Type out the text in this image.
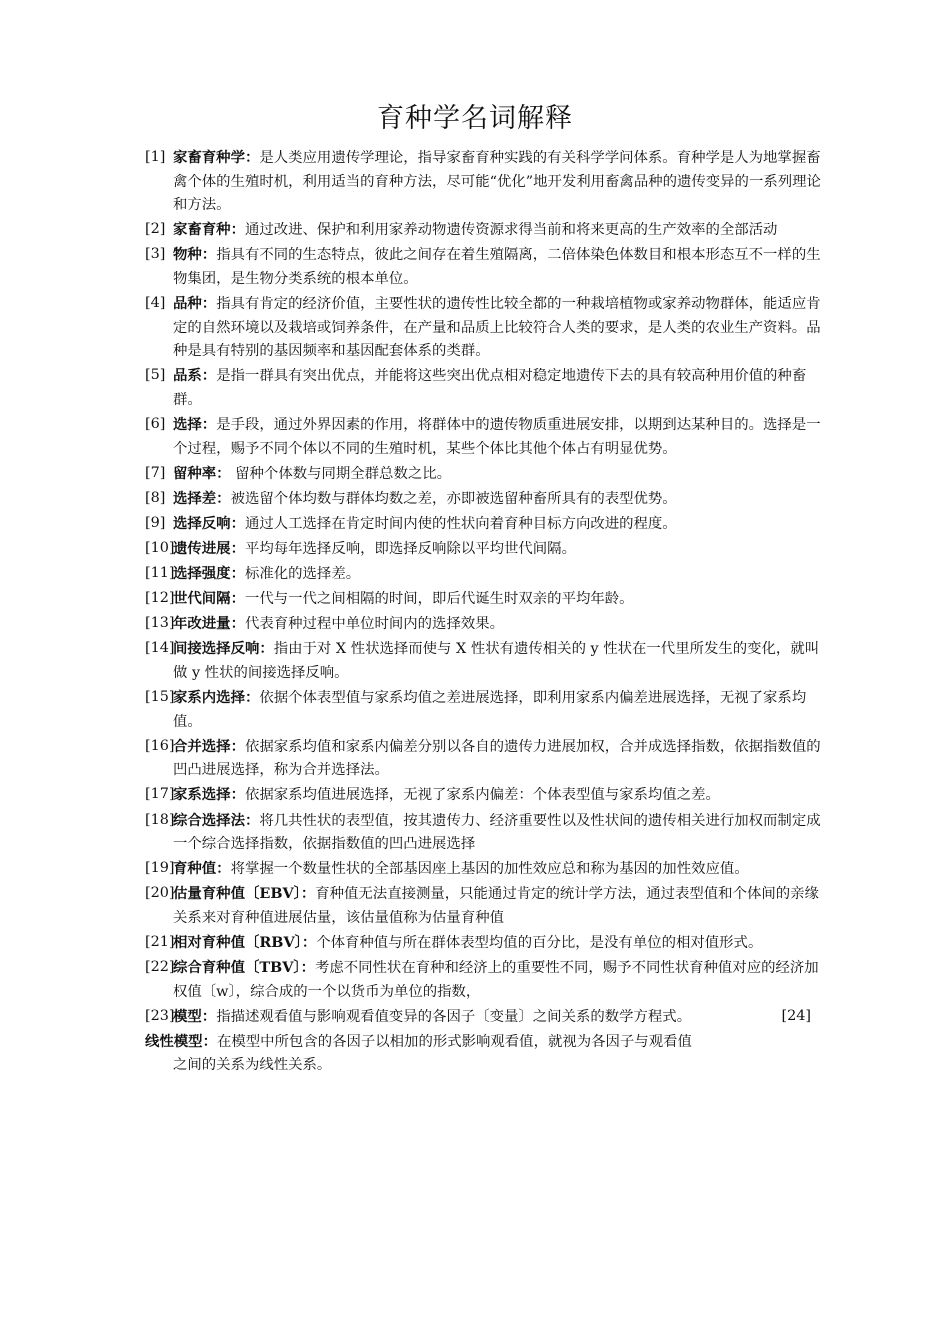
育种学名词解释
[1] 家畜育种学：是人类应用遗传学理论，指导家畜育种实践的有关科学学问体系。育种学是人为地掌握畜禽个体的生殖时机，利用适当的育种方法，尽可能“优化”地开发利用畜禽品种的遗传变异的一系列理论和方法。
[2] 家畜育种：通过改进、保护和利用家养动物遗传资源求得当前和将来更高的生产效率的全部活动
[3] 物种：指具有不同的生态特点，彼此之间存在着生殖隔离，二倍体染色体数目和根本形态互不一样的生物集团，是生物分类系统的根本单位。
[4] 品种：指具有肯定的经济价值，主要性状的遗传性比较全都的一种栽培植物或家养动物群体，能适应肯定的自然环境以及栽培或饲养条件，在产量和品质上比较符合人类的要求，是人类的农业生产资料。品种是具有特别的基因频率和基因配套体系的类群。
[5] 品系：是指一群具有突出优点，并能将这些突出优点相对稳定地遗传下去的具有较高种用价值的种畜群。
[6] 选择：是手段，通过外界因素的作用，将群体中的遗传物质重进展安排，以期到达某种目的。选择是一个过程，赐予不同个体以不同的生殖时机，某些个体比其他个体占有明显优势。
[7] 留种率： 留种个体数与同期全群总数之比。
[8] 选择差：被选留个体均数与群体均数之差，亦即被选留种畜所具有的表型优势。
[9] 选择反响：通过人工选择在肯定时间内使的性状向着育种目标方向改进的程度。
[10]
遗传进展：平均每年选择反响，即选择反响除以平均世代间隔。
[11]
选择强度：标准化的选择差。
[12]
世代间隔：一代与一代之间相隔的时间，即后代诞生时双亲的平均年龄。
[13]
年改进量：代表育种过程中单位时间内的选择效果。
[14]
间接选择反响：指由于对 X 性状选择而使与 X 性状有遗传相关的 y 性状在一代里所发生的变化，就叫做 y 性状的间接选择反响。
[15]
家系内选择：依据个体表型值与家系均值之差进展选择，即利用家系内偏差进展选择，无视了家系均值。
[16]
合并选择：依据家系均值和家系内偏差分别以各自的遗传力进展加权，合并成选择指数，依据指数值的凹凸进展选择，称为合并选择法。
[17]
家系选择：依据家系均值进展选择，无视了家系内偏差：个体表型值与家系均值之差。
[18]
综合选择法：将几共性状的表型值，按其遗传力、经济重要性以及性状间的遗传相关进行加权而制定成一个综合选择指数，依据指数值的凹凸进展选择
[19]
育种值：将掌握一个数量性状的全部基因座上基因的加性效应总和称为基因的加性效应值。
[20]
估量育种值〔EBV〕：育种值无法直接测量，只能通过肯定的统计学方法，通过表型值和个体间的亲缘关系来对育种值进展估量，该估量值称为估量育种值
[21]
相对育种值〔RBV〕：个体育种值与所在群体表型均值的百分比，是没有单位的相对值形式。
[22]
综合育种值〔TBV〕：考虑不同性状在育种和经济上的重要性不同，赐予不同性状育种值对应的经济加权值〔w〕，综合成的一个以货币为单位的指数，
[23]
模型：指描述观看值与影响观看值变异的各因子〔变量〕之间关系的数学方程式。	[24]
线性模型：在模型中所包含的各因子以相加的形式影响观看值，就视为各因子与观看值
之间的关系为线性关系。
